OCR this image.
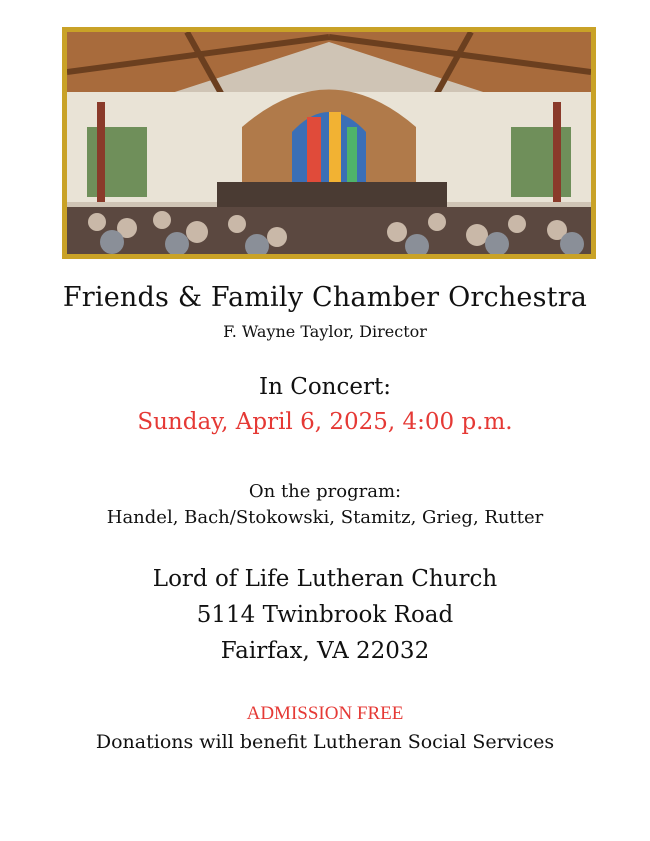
Friends & Family Chamber Orchestra
F. Wayne Taylor, Director
In Concert:
Sunday, April 6, 2025, 4:00 p.m.
On the program:
Handel, Bach/Stokowski, Stamitz, Grieg, Rutter
Lord of Life Lutheran Church
5114 Twinbrook Road
Fairfax, VA 22032
ADMISSION FREE
Donations will benefit Lutheran Social Services
